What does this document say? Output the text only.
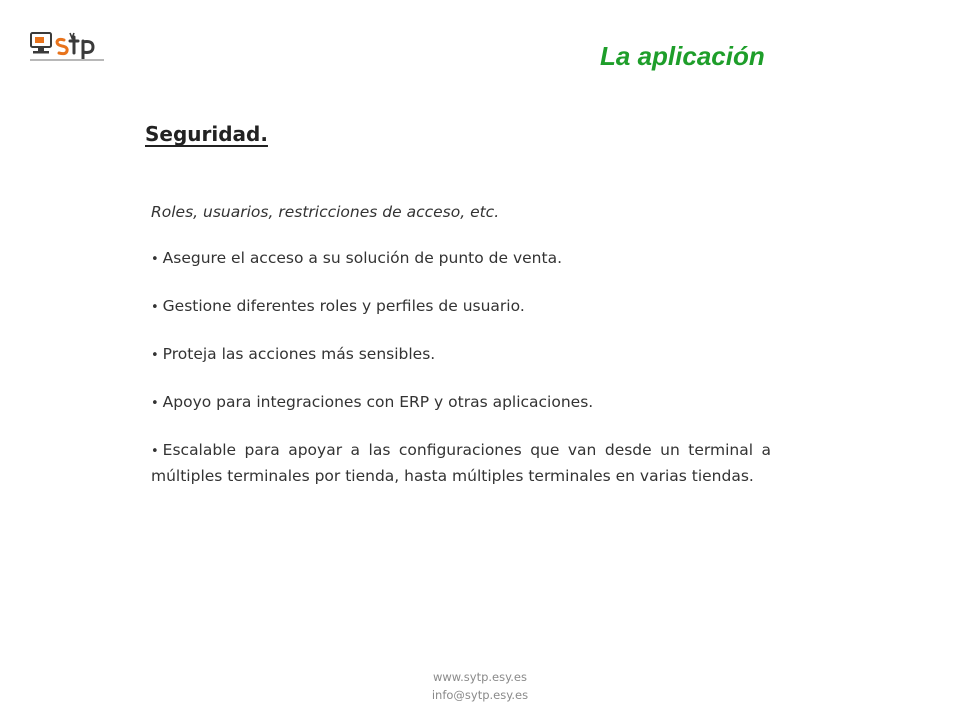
La aplicación
Seguridad.

Roles, usuarios, restricciones de acceso, etc.

• Asegure el acceso a su solución de punto de venta.
• Gestione diferentes roles y perfiles de usuario.
• Proteja las acciones más sensibles.
• Apoyo para integraciones con ERP y otras aplicaciones.
• Escalable para apoyar a las configuraciones que van desde un terminal a múltiples terminales por tienda, hasta múltiples terminales en varias tiendas.
www.sytp.esy.es
info@sytp.esy.es
